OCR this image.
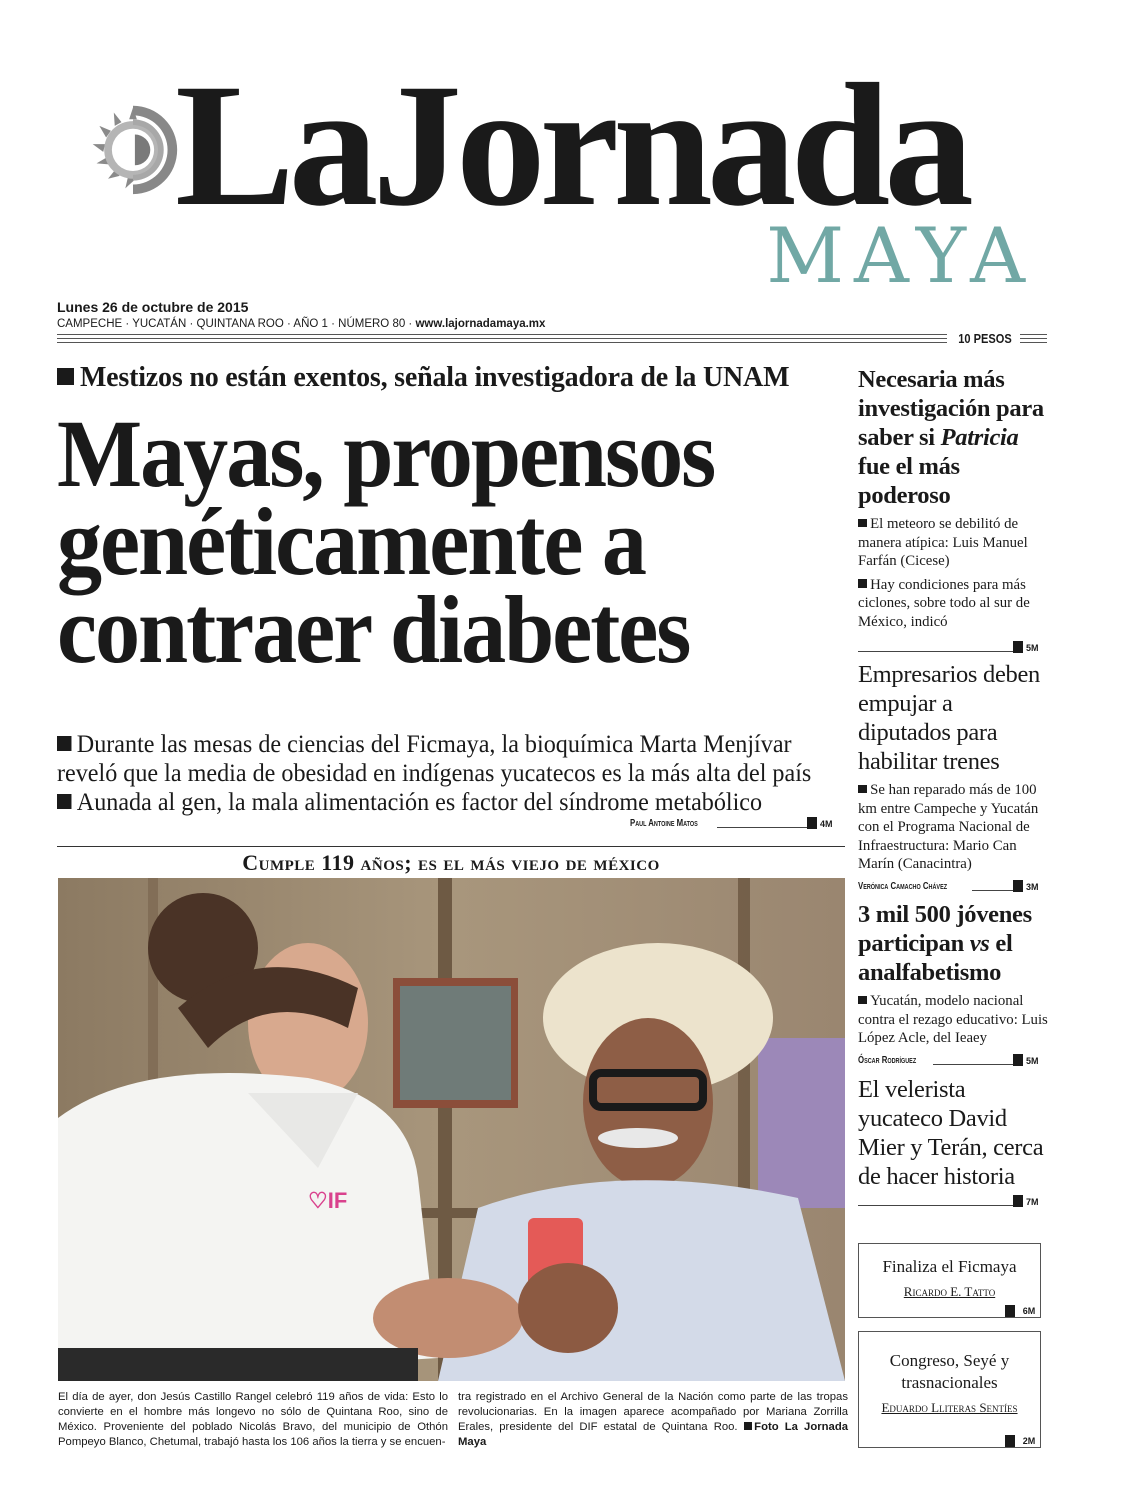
LaJornada
MAYA
Lunes 26 de octubre de 2015
CAMPECHE · YUCATÁN · QUINTANA ROO · AÑO 1 · NÚMERO 80 · www.lajornadamaya.mx
10 PESOS
Mestizos no están exentos, señala investigadora de la UNAM
Mayas, propensos
genéticamente a
contraer diabetes
Durante las mesas de ciencias del Ficmaya, la bioquímica Marta Menjívar reveló que la media de obesidad en indígenas yucatecos es la más alta del país
Aunada al gen, la mala alimentación es factor del síndrome metabólico
Paul Antoine Matos	4M
Cumple 119 años; es el más viejo de méxico
♡IF
El día de ayer, don Jesús Castillo Rangel celebró 119 años de vida: Esto lo convierte en el hombre más longevo no sólo de Quintana Roo, sino de México. Proveniente del poblado Nicolás Bravo, del municipio de Othón Pompeyo Blanco, Chetumal, trabajó hasta los 106 años la tierra y se encuen-
tra registrado en el Archivo General de la Nación como parte de las tropas revolucionarias. En la imagen aparece acompañado por Mariana Zorrilla Erales, presidente del DIF estatal de Quintana Roo. Foto La Jornada Maya
Necesaria más investigación para saber si Patricia fue el más poderoso

El meteoro se debilitó de manera atípica: Luis Manuel Farfán (Cicese)

Hay condiciones para más ciclones, sobre todo al sur de México, indicó

5M
Empresarios deben empujar a diputados para habilitar trenes

Se han reparado más de 100 km entre Campeche y Yucatán con el Programa Nacional de Infraestructura: Mario Can Marín (Canacintra)

Verónica Camacho Chávez	3M
3 mil 500 jóvenes participan vs el analfabetismo

Yucatán, modelo nacional contra el rezago educativo: Luis López Acle, del Ieaey

Óscar Rodríguez	5M
El velerista yucateco David Mier y Terán, cerca de hacer historia
7M
Finaliza el Ficmaya
Ricardo E. Tatto
6M
Congreso, Seyé y trasnacionales
Eduardo Lliteras Sentíes
2M
